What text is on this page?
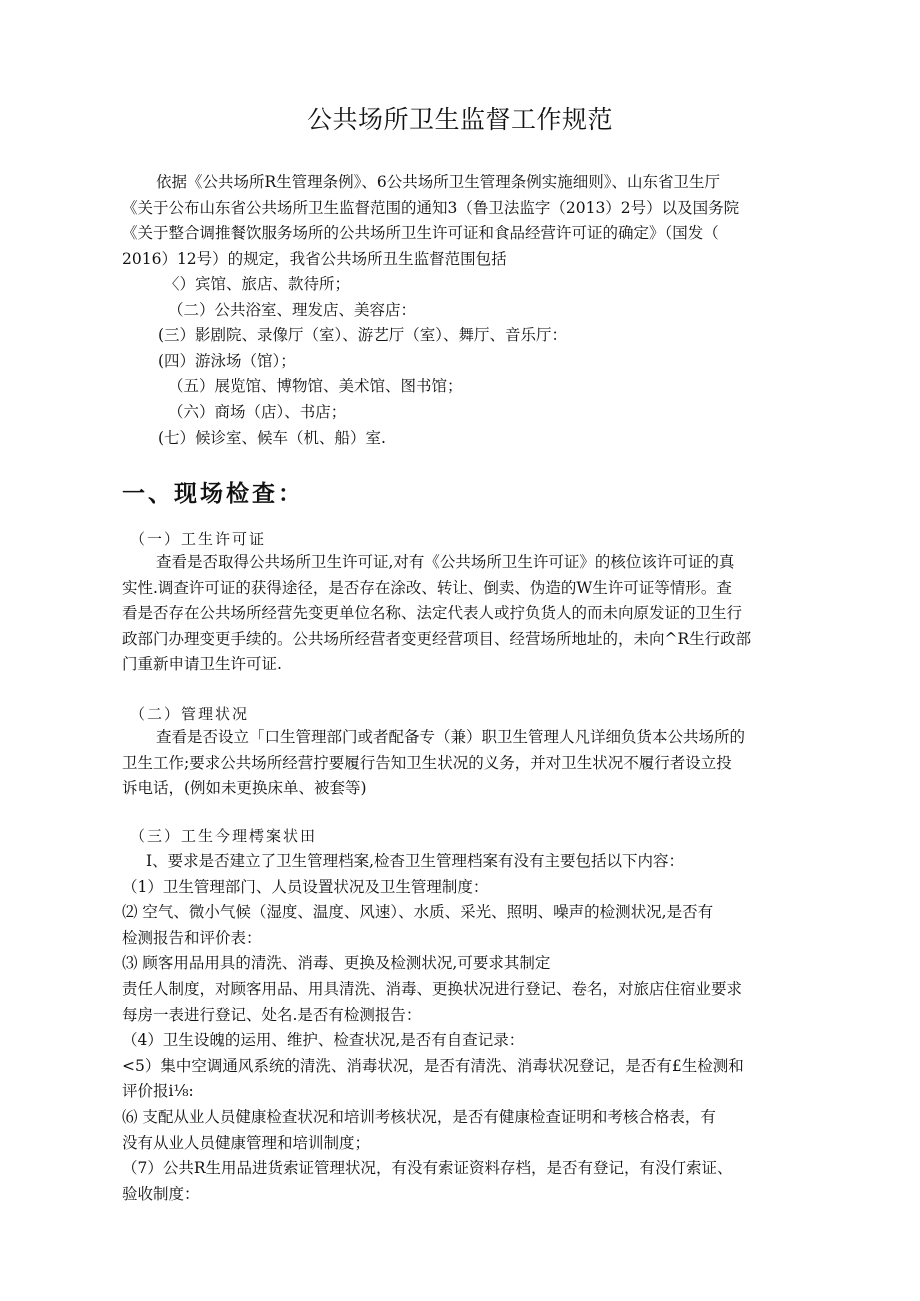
公共场所卫生监督工作规范
依据《公共场所R生管理条例》、6公共场所卫生管理条例实施细则》、山东省卫生厅
《关于公布山东省公共场所卫生监督范围的通知3（鲁卫法监字（2013）2号）以及国务院
《关于整合调推餐饮服务场所的公共场所卫生许可证和食品经营许可证的确定》（国发（
2016）12号）的规定，我省公共场所丑生监督范围包括
〈）宾馆、旅店、款待所；
（二）公共浴室、理发店、美容店：
(三）影剧院、录像厅（室）、游艺厅（室）、舞厅、音乐厅：
(四）游泳场（馆）；
（五）展览馆、博物馆、美术馆、图书馆；
（六）商场（店）、书店；
(七）候诊室、候车（机、船）室.
一、现场检查：
（一）工生许可证
查看是否取得公共场所卫生许可证,对有《公共场所卫生许可证》的核位该许可证的真
实性.调查许可证的获得途径，是否存在涂改、转让、倒卖、伪造的W生许可证等情形。查
看是否存在公共场所经营先变更单位名称、法定代表人或拧负货人的而未向原发证的卫生行
政部门办理变更手续的。公共场所经营者变更经营项目、经营场所地址的，未向^R生行政部
门重新申请卫生许可证.
（二）管理状况
查看是否设立「口生管理部门或者配备专（兼）职卫生管理人凡详细负货本公共场所的
卫生工作;要求公共场所经营拧要履行告知卫生状况的义务，并对卫生状况不履行者设立投
诉电话，(例如未更换床单、被套等)
（三）工生今理樗案状田
I、要求是否建立了卫生管理档案,检杳卫生管理档案有没有主要包括以下内容：
（1）卫生管理部门、人员设置状况及卫生管理制度：
⑵ 空气、微小气候（湿度、温度、风速）、水质、采光、照明、噪声的检测状况,是否有
检测报告和评价表：
⑶ 顾客用品用具的清洗、消毒、更换及检测状况,可要求其制定
责任人制度，对顾客用品、用具清洗、消毒、更换状况进行登记、卷名，对旅店住宿业要求
每房一表进行登记、处名.是否有检测报告：
（4）卫生设魄的运用、维护、检查状况,是否有自查记录：
<5）集中空调通风系统的清洗、消毒状况，是否有清洗、消毒状况登记，是否有£生检测和
评价报i⅛:
⑹ 支配从业人员健康检查状况和培训考核状况，是否有健康检查证明和考核合格表，有
没有从业人员健康管理和培训制度；
（7）公共R生用品进货索证管理状况，有没有索证资料存档，是否有登记，有没仃索证、
验收制度：
